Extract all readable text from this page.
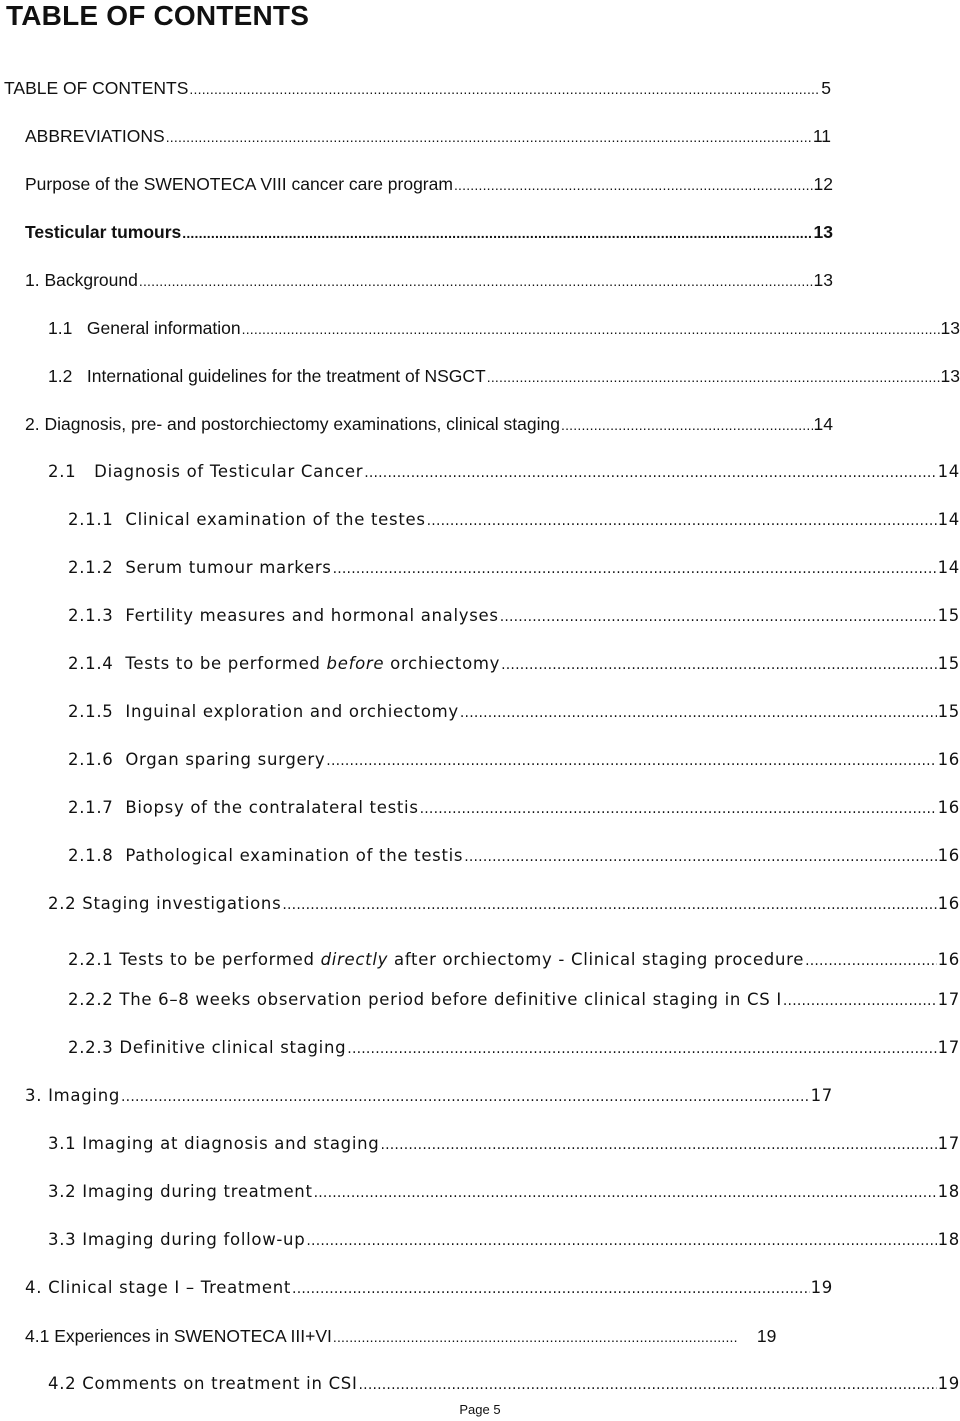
TABLE OF CONTENTS
TABLE OF CONTENTS .....	5
ABBREVIATIONS .....	11
Purpose of the SWENOTECA VIII cancer care program .....	12
Testicular tumours .....	13
1. Background .....	13
1.1   General information .....	13
1.2   International guidelines for the treatment of NSGCT .....	13
2. Diagnosis, pre- and postorchiectomy examinations, clinical staging .....	14
2.1   Diagnosis of Testicular Cancer .....	14
2.1.1  Clinical examination of the testes .....	14
2.1.2  Serum tumour markers .....	14
2.1.3  Fertility measures and hormonal analyses .....	15
2.1.4  Tests to be performed before orchiectomy .....	15
2.1.5  Inguinal exploration and orchiectomy .....	15
2.1.6  Organ sparing surgery .....	16
2.1.7  Biopsy of the contralateral testis .....	16
2.1.8  Pathological examination of the testis .....	16
2.2 Staging investigations .....	16
2.2.1 Tests to be performed directly after orchiectomy - Clinical staging procedure .....	16
2.2.2 The 6–8 weeks observation period before definitive clinical staging in CS I .....	17
2.2.3 Definitive clinical staging .....	17
3. Imaging .....	17
3.1 Imaging at diagnosis and staging .....	17
3.2 Imaging during treatment .....	18
3.3 Imaging during follow-up .....	18
4. Clinical stage I – Treatment .....	19
4.1 Experiences in SWENOTECA III+VI .....	19
4.2 Comments on treatment in CSI .....	19
Page 5
